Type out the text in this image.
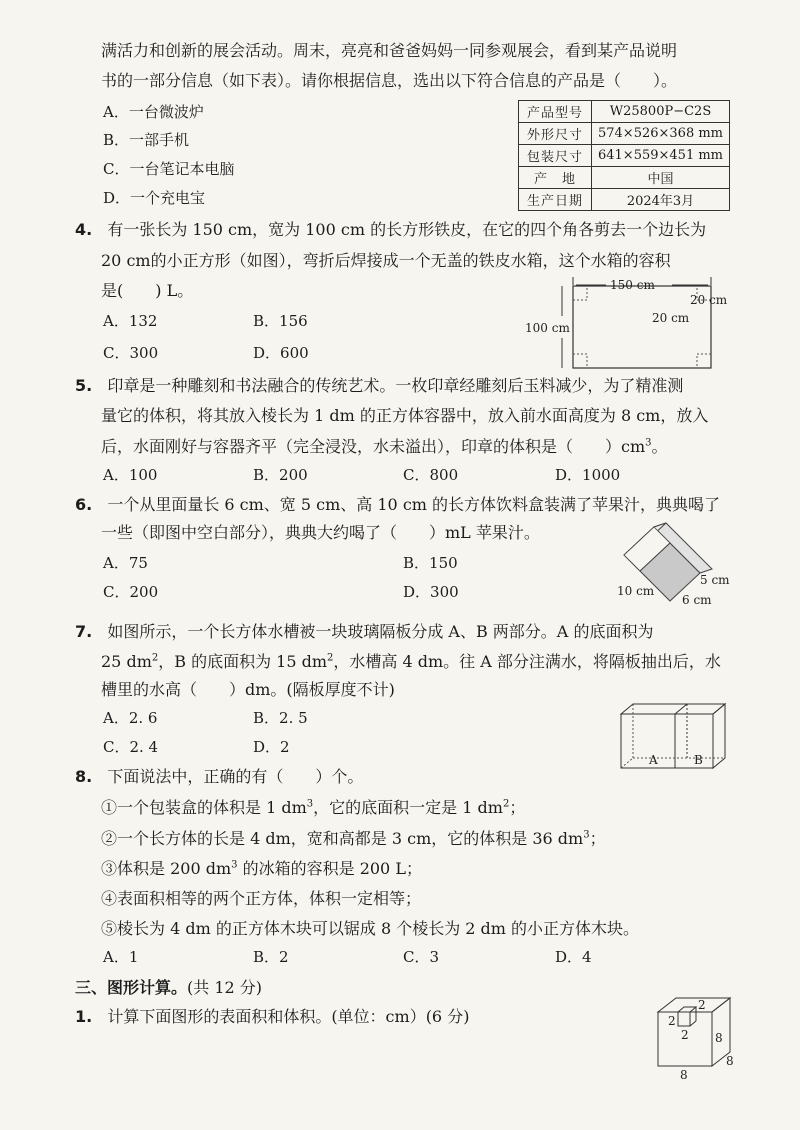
满活力和创新的展会活动。周末，亮亮和爸爸妈妈一同参观展会，看到某产品说明
书的一部分信息（如下表）。请你根据信息，选出以下符合信息的产品是（　　）。
A．一台微波炉
B．一部手机
C．一台笔记本电脑
D．一个充电宝
产品型号	W25800P−C2S
外形尺寸	574×526×368 mm
包装尺寸	641×559×451 mm
产　地	中国
生产日期	2024年3月
4. 有一张长为 150 cm，宽为 100 cm 的长方形铁皮，在它的四个角各剪去一个边长为
20 cm的小正方形（如图），弯折后焊接成一个无盖的铁皮水箱，这个水箱的容积
是(　　) L。
A．132	B．156
C．300	D．600
150 cm
100 cm
20 cm
20 cm
5. 印章是一种雕刻和书法融合的传统艺术。一枚印章经雕刻后玉料减少，为了精准测
量它的体积，将其放入棱长为 1 dm 的正方体容器中，放入前水面高度为 8 cm，放入
后，水面刚好与容器齐平（完全浸没，水未溢出），印章的体积是（　　）$cm^3$。
A．100	B．200	C．800	D．1000
6. 一个从里面量长 6 cm、宽 5 cm、高 10 cm 的长方体饮料盒装满了苹果汁，典典喝了
一些（即图中空白部分），典典大约喝了（　　）mL 苹果汁。
A．75	B．150
C．200	D．300	10 cm
5 cm
6 cm
7. 如图所示，一个长方体水槽被一块玻璃隔板分成 A、B 两部分。A 的底面积为
25 $dm^2$，B 的底面积为 15 $dm^2$，水槽高 4 dm。往 A 部分注满水，将隔板抽出后，水
槽里的水高（　　）dm。(隔板厚度不计)
A．2. 6	B．2. 5
C．2. 4	D．2
A	B
8. 下面说法中，正确的有（　　）个。
①一个包装盒的体积是 1 $dm^3$，它的底面积一定是 1 $dm^2$；
②一个长方体的长是 4 dm，宽和高都是 3 cm，它的体积是 36 $dm^3$；
③体积是 200 $dm^3$ 的冰箱的容积是 200 L；
④表面积相等的两个正方体，体积一定相等；
⑤棱长为 4 dm 的正方体木块可以锯成 8 个棱长为 2 dm 的小正方体木块。
A．1	B．2	C．3	D．4
三、图形计算。(共 12 分)
1. 计算下面图形的表面积和体积。(单位：cm）(6 分)
2
2
2 8
8
8
